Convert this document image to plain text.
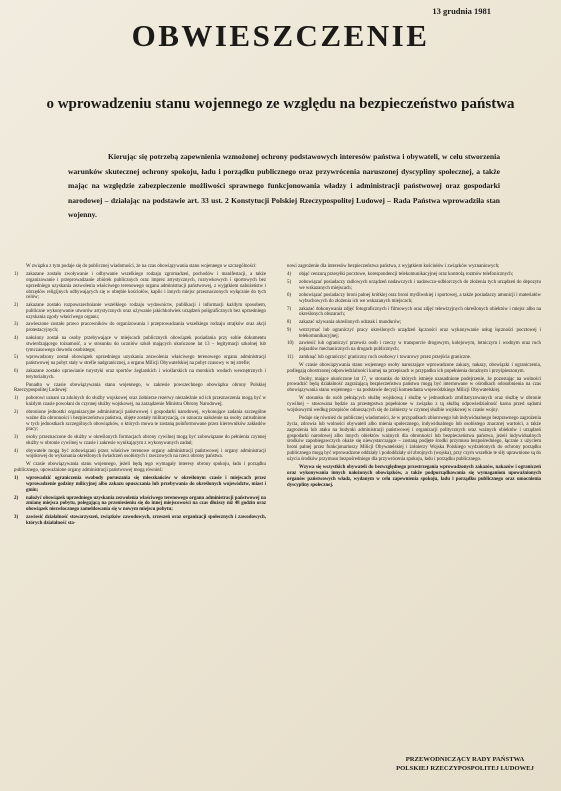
13 grudnia 1981
OBWIESZCZENIE
o wprowadzeniu stanu wojennego ze względu na bezpieczeństwo państwa

Kierując się potrzebą zapewnienia wzmożonej ochrony podstawowych interesów państwa i obywateli, w celu stworzenia warunków skutecznej ochrony spokoju, ładu i porządku publicznego oraz przywrócenia naruszonej dyscypliny społecznej, a także mając na względzie zabezpieczenie możliwości sprawnego funkcjonowania władzy i administracji państwowej oraz gospodarki narodowej – działając na podstawie art. 33 ust. 2 Konstytucji Polskiej Rzeczypospolitej Ludowej – Rada Państwa wprowadziła stan wojenny.

W związku z tym podaje się do publicznej wiadomości, że na czas obowiązywania stanu wojennego w szczególności:

1) zakazane zostało zwoływanie i odbywanie wszelkiego rodzaju zgromadzeń, pochodów i manifestacji, a także organizowanie i przeprowadzanie zbiórek publicznych oraz imprez artystycznych, rozrywkowych i sportowych bez uprzedniego uzyskania zezwolenia właściwego terenowego organu administracji państwowej, z wyjątkiem nabożeństw i obrzędów religijnych odbywających się w obrębie kościołów, kaplic i innych miejsc przeznaczonych wyłącznie do tych celów;
2) zakazane zostało rozpowszechnianie wszelkiego rodzaju wydawnictw, publikacji i informacji każdym sposobem, publiczne wykonywanie utworów artystycznych oraz używanie jakichkolwiek urządzeń poligraficznych bez uprzedniego uzyskania zgody właściwego organu;
3) zawieszone zostało prawo pracowników do organizowania i przeprowadzania wszelkiego rodzaju strajków oraz akcji protestacyjnych;
4) nałożony został na osoby przebywające w miejscach publicznych obowiązek posiadania przy sobie dokumentu stwierdzającego tożsamość, a w stosunku do uczniów szkół mających ukończone lat 13 – legitymacji szkolnej lub tymczasowego dowodu osobistego;
5) wprowadzony został obowiązek uprzedniego uzyskania zezwolenia właściwego terenowego organu administracji państwowej na pobyt stały w strefie nadgranicznej, a organu Milicji Obywatelskiej na pobyt czasowy w tej strefie;
6) zakazane zostało uprawianie turystyki oraz sportów żeglarskich i wioślarskich na morskich wodach wewnętrznych i terytorialnych.

Ponadto w czasie obowiązywania stanu wojennego, w zakresie powszechnego obowiązku obrony Polskiej Rzeczypospolitej Ludowej:

1) poborowi uznani za zdolnych do służby wojskowej oraz żołnierze rezerwy niezależnie od ich przeznaczenia mogą być w każdym czasie powołani do czynnej służby wojskowej, na zarządzenie Ministra Obrony Narodowej;
2) obronione jednostki organizacyjne administracji państwowej i gospodarki narodowej, wykonujące zadania szczególne ważne dla obronności i bezpieczeństwa państwa, objęte zostały militaryzacją, co oznacza nałożenie na osoby zatrudnione w tych jednostkach szczególnych obowiązków, o których mowa te zostaną poinformowane przez kierowników zakładów pracy;
3) osoby przeznaczone do służby w określonych formacjach obrony cywilnej mogą być zobowiązane do pełnienia czynnej służby w obronie cywilnej w czasie i zakresie wynikającym z wykonywanych zadań;
4) obywatele mogą być zobowiązani przez właściwe terenowe organy administracji państwowej i organy administracji wojskowej do wykonania określonych świadczeń osobistych i rzeczowych na rzecz obrony państwa.

W czasie obowiązywania stanu wojennego, jeżeli będą tego wymagały interesy obrony spokoju, ładu i porządku publicznego, upoważnione organy administracji państwowej mogą również:

1) wprowadzić ograniczenia swobody poruszania się mieszkańców w określonym czasie i miejscach przez wprowadzenie godziny milicyjnej albo zakazu opuszczania lub przebywania do określonych województw, miast i gmin;
2) nałożyć obowiązek uprzedniego uzyskania zezwolenia właściwego terenowego organu administracji państwowej na zmianę miejsca pobytu, polegającą na przeniesieniu się do innej miejscowości na czas dłuższy niż 48 godzin oraz obowiązek niezwłocznego zameldowania się w nowym miejscu pobytu;
3) zawiesić działalność stowarzyszeń, związków zawodowych, zrzeszeń oraz organizacji społecznych i zawodowych, których działalność sta-

nowi zagrożenie dla interesów bezpieczeństwa państwa, z wyjątkiem kościołów i związków wyznaniowych;

4) objąć cenzurą przesyłki pocztowe, korespondencji telekomunikacyjnej oraz kontrolą rozmów telefonicznych;
5) zobowiązać posiadaczy radiowych urządzeń nadawczych i nadawczo-odbiorczych do złożenia tych urządzeń do depozytu we wskazanych miejscach;
6) zobowiązać posiadaczy broni palnej krótkiej oraz broni myśliwskiej i sportowej, a także posiadaczy amunicji i materiałów wybuchowych do złożenia ich we wskazanych miejscach;
7) zakazać dokonywania zdjęć fotograficznych i filmowych oraz zdjęć telewizyjnych określonych obiektów i miejsc albo na określonych obszarach;
8) zakazać używania określonych odznak i mundurów;
9) wstrzymać lub ograniczyć pracy określonych urządzeń łączności oraz wykonywanie usług łączności pocztowej i telekomunikacyjnej;
10) zawiesić lub ograniczyć przewóz osób i rzeczy w transporcie drogowym, kolejowym, lotniczym i wodnym oraz ruch pojazdów mechanicznych na drogach publicznych;
11) zamknąć lub ograniczyć graniczny ruch osobowy i towarowy przez przejścia graniczne.

W czasie obowiązywania stanu wojennego osoby naruszające wprowadzone zakazy, nakazy, obowiązki i ograniczenia, podlegają obostrzonej odpowiedzialności karnej na przepisach w przypadku ich popełnienia dorażnym i przyśpieszonym.

Osoby, mające ukończone lat 17, w stosunku do których istnieje uzasadnione podejrzenie, że pozostając na wolności prowadzić będą działalność zagrażającą bezpieczeństwu państwa mogą być internowane w ośrodkach odosobnienia na czas obowiązywania stanu wojennego – na podstawie decyzji komendanta wojewódzkiego Milicji Obywatelskiej.

W stosunku do osób pełniących służbę wojskową i służbę w jednostkach zmilitaryzowanych oraz służbę w obronie cywilnej – stosowana będzie za przestępstwa popełnione w związku z tą służbą odpowiedzialność karna przed sądami wojskowymi według przepisów odnoszących się do żołnierzy w czynnej służbie wojskowej w czasie wojny.

Podaje się również do publicznej wiadomości, że w przypadkach zbiorowego lub indywidualnego bezprawnego zagrożenia życia, zdrowia lub wolności obywateli albo mienia społecznego, indywidualnego lub osobistego znacznej wartości, a także zagrożenia lub ataku na budynki administracji państwowej i organizacji politycznych oraz ważnych obiektów i urządzeń gospodarki narodowej albo innych obiektów ważnych dla obronności lub bezpieczeństwa państwa, jeżeli indywidualnych środków zapobiegawczych okaże się niewystarczające – zostaną podjęte środki przymusu bezpośredniego, łącznie z użyciem broni palnej przez funkcjonariuszy Milicji Obywatelskiej i żołnierzy Wojska Polskiego wydzielonych do ochrony porządku publicznego mogą być wprowadzone oddziały i pododdziały sił zbrojnych (wojska), przy czym wszelkie te siły uprawnione są do użycia środków przymusu bezpośredniego dla przywrócenia spokoju, ładu i porządku publicznego.

Wzywa się wszystkich obywateli do bezwzględnego przestrzegania wprowadzonych zakazów, nakazów i ograniczeń oraz wykonywania innych nałożonych obowiązków, a także podporządkowania się wymaganiom upoważnionych organów państwowych władz, wydanym w celu zapewnienia spokoju, ładu i porządku publicznego oraz umocnienia dyscypliny społecznej.

PRZEWODNICZĄCY RADY PAŃSTWA
POLSKIEJ RZECZYPOSPOLITEJ LUDOWEJ
